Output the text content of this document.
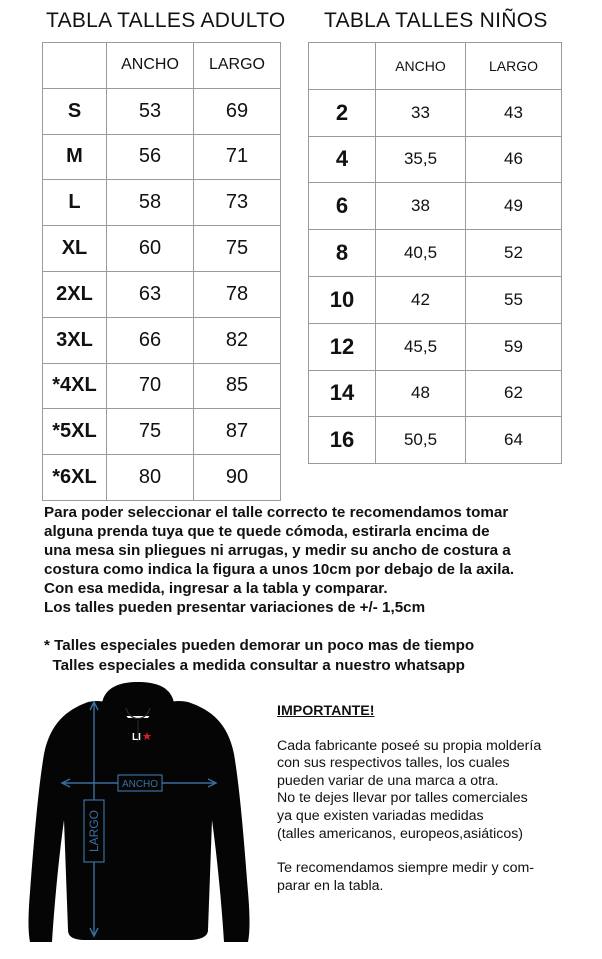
TABLA TALLES ADULTO
	ANCHO	LARGO
S	53	69
M	56	71
L	58	73
XL	60	75
2XL	63	78
3XL	66	82
*4XL	70	85
*5XL	75	87
*6XL	80	90
TABLA TALLES NIÑOS
	ANCHO	LARGO
2	33	43
4	35,5	46
6	38	49
8	40,5	52
10	42	55
12	45,5	59
14	48	62
16	50,5	64
Para poder seleccionar el talle correcto te recomendamos tomar
alguna prenda tuya que te quede cómoda, estirarla encima de
una mesa sin pliegues ni arrugas, y medir su ancho de costura a
costura como indica la figura a unos 10cm por debajo de la axila.
Con esa medida, ingresar a la tabla y comparar.
Los talles pueden presentar variaciones de +/- 1,5cm
* Talles especiales pueden demorar un poco mas de tiempo
Talles especiales a medida consultar a nuestro whatsapp
LI
LARGO
ANCHO
IMPORTANTE!
Cada fabricante poseé su propia moldería
con sus respectivos talles, los cuales
pueden variar de una marca a otra.
No te dejes llevar por talles comerciales
ya que existen variadas medidas
(talles americanos, europeos,asiáticos)
Te recomendamos siempre medir y com-
parar en la tabla.
